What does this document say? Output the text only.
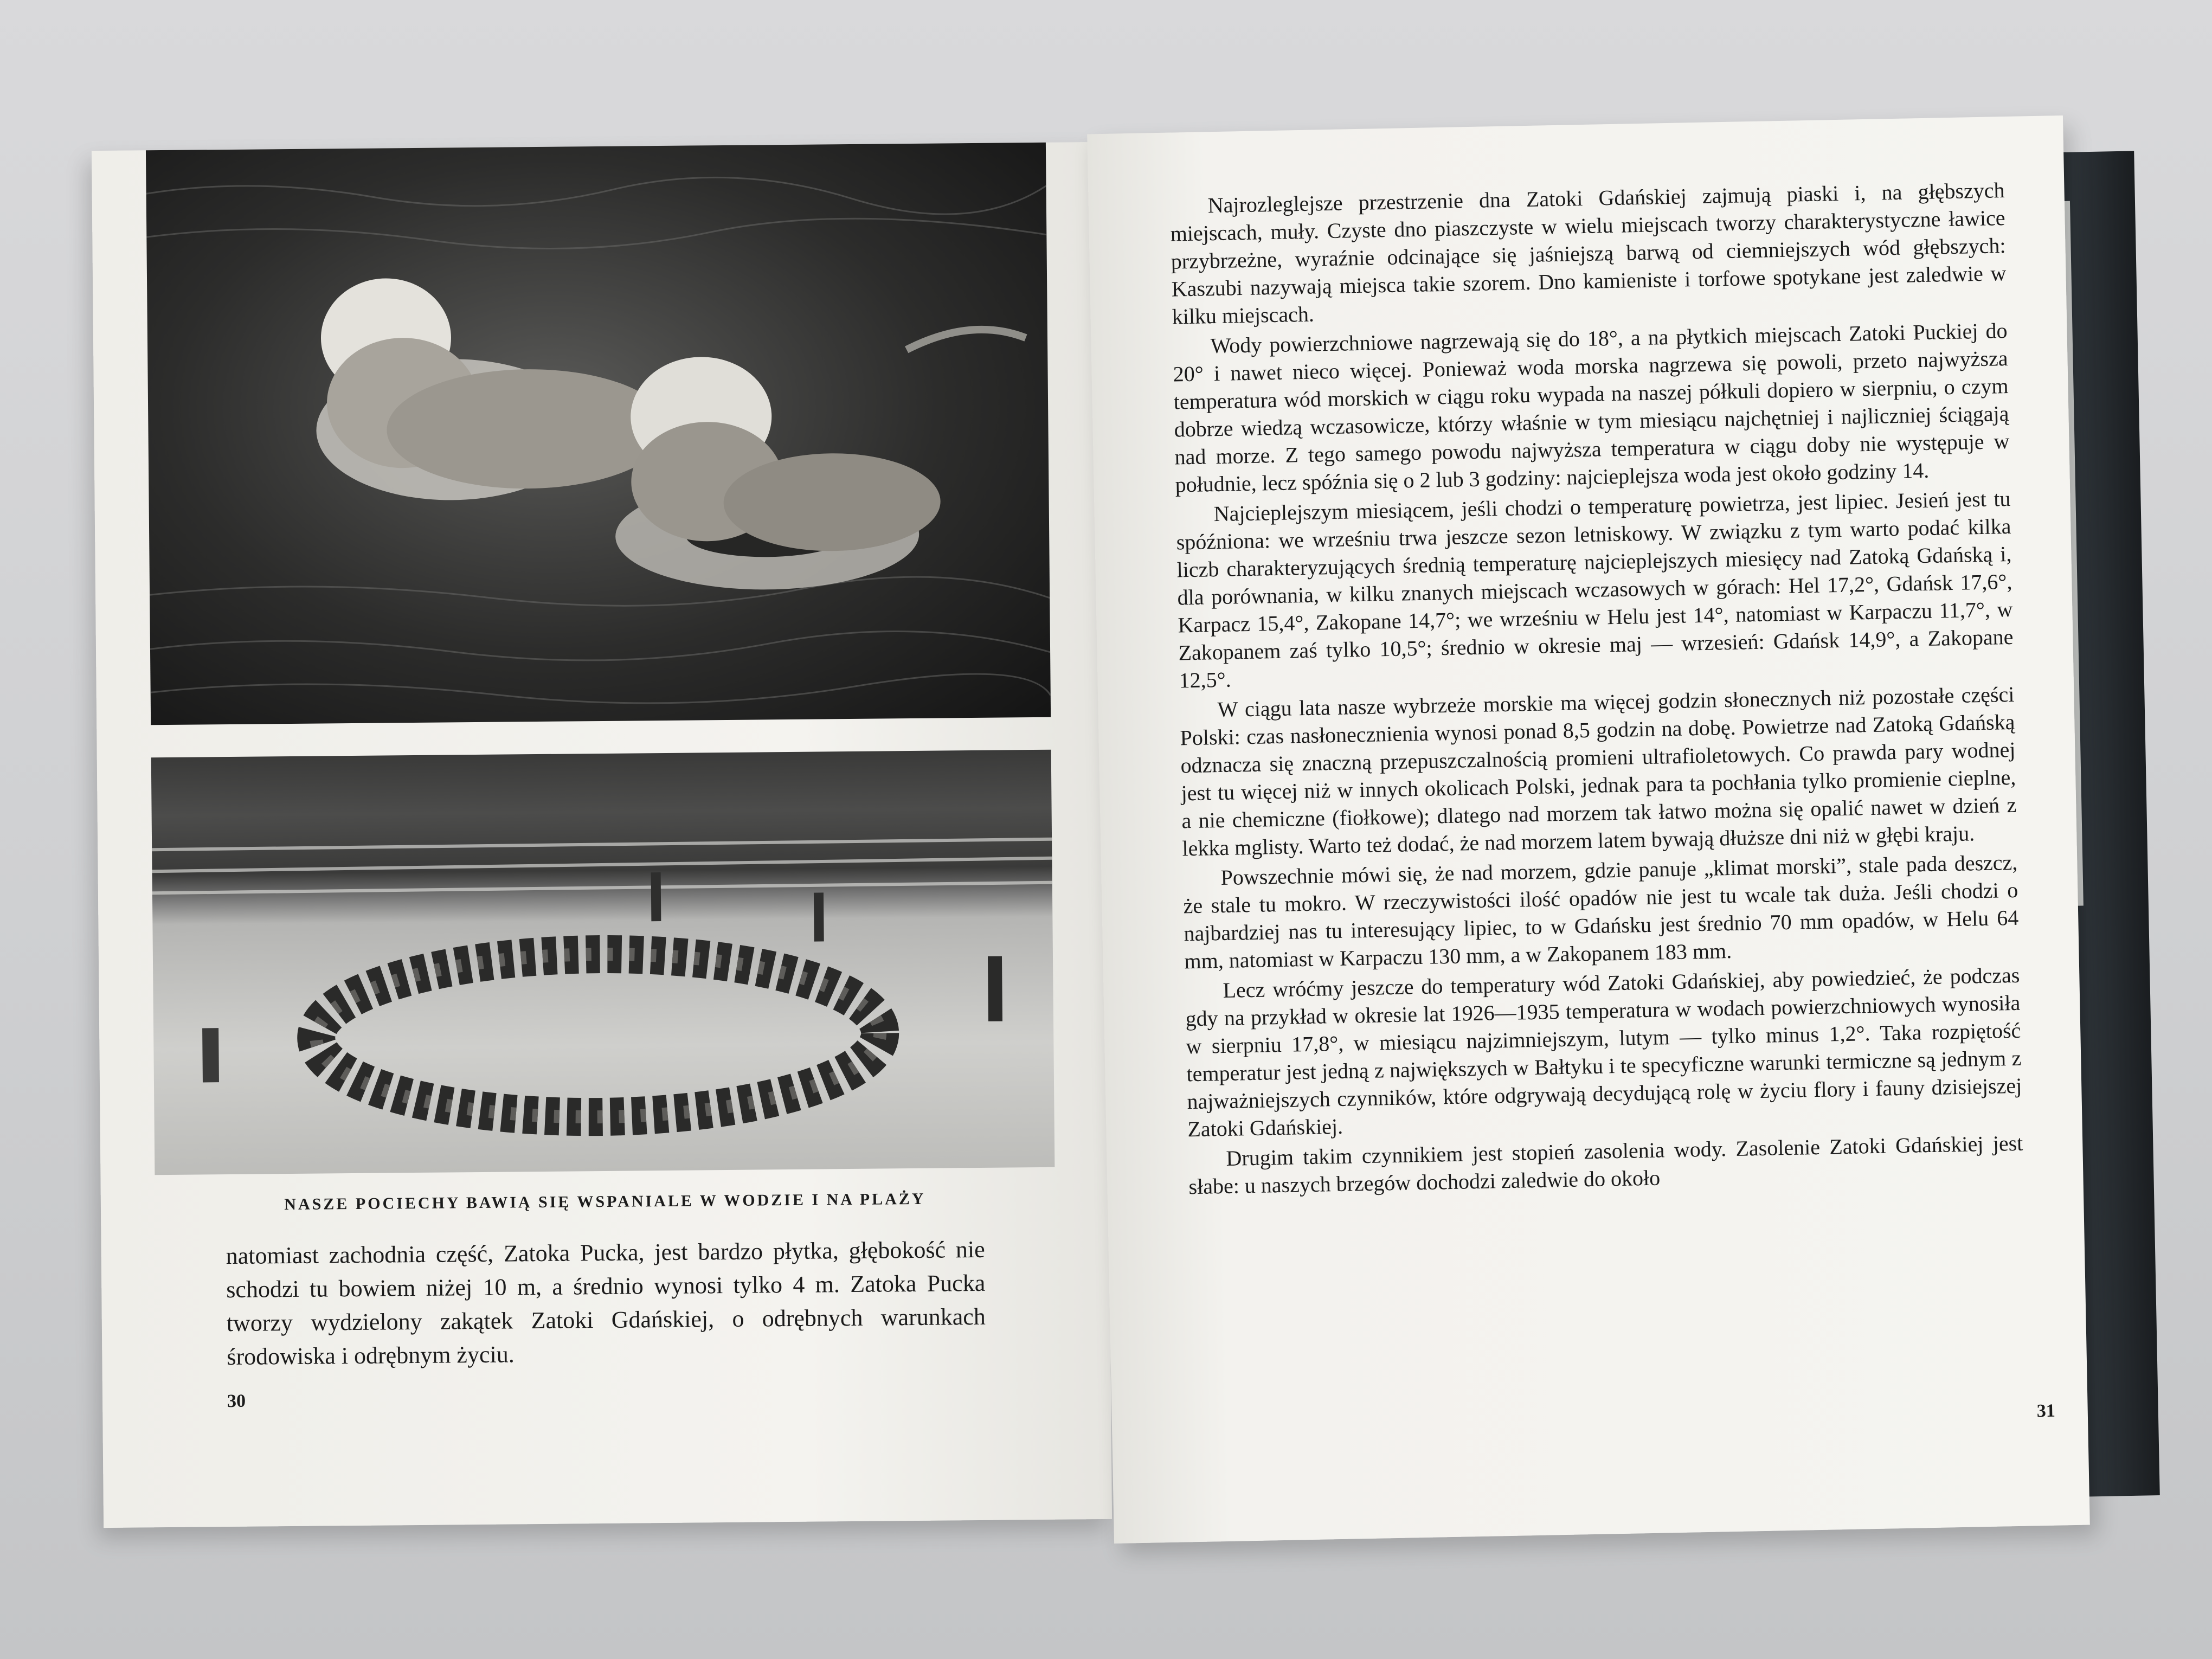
NASZE POCIECHY BAWIĄ SIĘ WSPANIALE W WODZIE I NA PLAŻY
natomiast zachodnia część, Zatoka Pucka, jest bardzo płytka, głębokość nie schodzi tu bowiem niżej 10 m, a średnio wynosi tylko 4 m. Zatoka Pucka tworzy wydzielony zakątek Zatoki Gdańskiej, o odrębnych warunkach środowiska i odrębnym życiu.
30

Najrozleglejsze przestrzenie dna Zatoki Gdańskiej zajmują piaski i, na głębszych miejscach, muły. Czyste dno piaszczyste w wielu miejscach tworzy charakterystyczne ławice przybrzeżne, wyraźnie odcinające się jaśniejszą barwą od ciemniejszych wód głębszych: Kaszubi nazywają miejsca takie szorem. Dno kamieniste i torfowe spotykane jest zaledwie w kilku miejscach.

Wody powierzchniowe nagrzewają się do 18°, a na płytkich miejscach Zatoki Puckiej do 20° i nawet nieco więcej. Ponieważ woda morska nagrzewa się powoli, przeto najwyższa temperatura wód morskich w ciągu roku wypada na naszej półkuli dopiero w sierpniu, o czym dobrze wiedzą wczasowicze, którzy właśnie w tym miesiącu najchętniej i najliczniej ściągają nad morze. Z tego samego powodu najwyższa temperatura w ciągu doby nie występuje w południe, lecz spóźnia się o 2 lub 3 godziny: najcieplejsza woda jest około godziny 14.

Najcieplejszym miesiącem, jeśli chodzi o temperaturę powietrza, jest lipiec. Jesień jest tu spóźniona: we wrześniu trwa jeszcze sezon letniskowy. W związku z tym warto podać kilka liczb charakteryzujących średnią temperaturę najcieplejszych miesięcy nad Zatoką Gdańską i, dla porównania, w kilku znanych miejscach wczasowych w górach: Hel 17,2°, Gdańsk 17,6°, Karpacz 15,4°, Zakopane 14,7°; we wrześniu w Helu jest 14°, natomiast w Karpaczu 11,7°, w Zakopanem zaś tylko 10,5°; średnio w okresie maj — wrzesień: Gdańsk 14,9°, a Zakopane 12,5°.

W ciągu lata nasze wybrzeże morskie ma więcej godzin słonecznych niż pozostałe części Polski: czas nasłonecznienia wynosi ponad 8,5 godzin na dobę. Powietrze nad Zatoką Gdańską odznacza się znaczną przepuszczalnością promieni ultrafioletowych. Co prawda pary wodnej jest tu więcej niż w innych okolicach Polski, jednak para ta pochłania tylko promienie cieplne, a nie chemiczne (fiołkowe); dlatego nad morzem tak łatwo można się opalić nawet w dzień z lekka mglisty. Warto też dodać, że nad morzem latem bywają dłuższe dni niż w głębi kraju.

Powszechnie mówi się, że nad morzem, gdzie panuje „klimat morski”, stale pada deszcz, że stale tu mokro. W rzeczywistości ilość opadów nie jest tu wcale tak duża. Jeśli chodzi o najbardziej nas tu interesujący lipiec, to w Gdańsku jest średnio 70 mm opadów, w Helu 64 mm, natomiast w Karpaczu 130 mm, a w Zakopanem 183 mm.

Lecz wróćmy jeszcze do temperatury wód Zatoki Gdańskiej, aby powiedzieć, że podczas gdy na przykład w okresie lat 1926—1935 temperatura w wodach powierzchniowych wynosiła w sierpniu 17,8°, w miesiącu najzimniejszym, lutym — tylko minus 1,2°. Taka rozpiętość temperatur jest jedną z największych w Bałtyku i te specyficzne warunki termiczne są jednym z najważniejszych czynników, które odgrywają decydującą rolę w życiu flory i fauny dzisiejszej Zatoki Gdańskiej.

Drugim takim czynnikiem jest stopień zasolenia wody. Zasolenie Zatoki Gdańskiej jest słabe: u naszych brzegów dochodzi zaledwie do około

31
